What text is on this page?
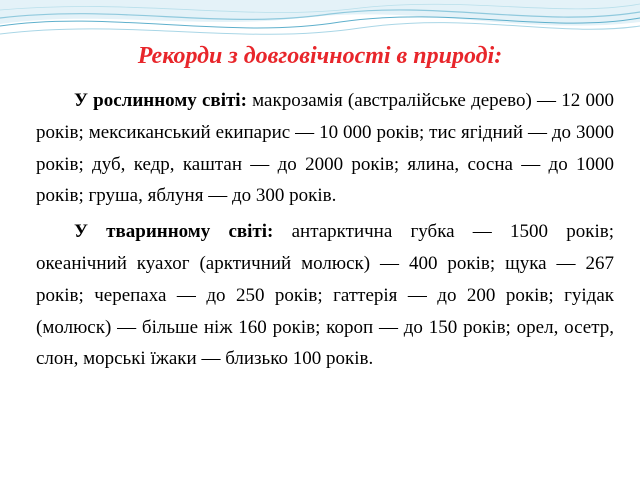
Рекорди з довговічності в природі:

У рослинному світі: макрозамія (австралійське дерево) — 12 000 років; мексиканський екипарис — 10 000 років; тис ягідний — до 3000 років; дуб, кедр, каштан — до 2000 років; ялина, сосна — до 1000 років; груша, яблуня — до 300 років.

У тваринному світі: антарктична губка — 1500 років; океанічний куахог (арктичний молюск) — 400 років; щука — 267 років; черепаха — до 250 років; гаттерія — до 200 років; гуідак (молюск) — більше ніж 160 років; короп — до 150 років; орел, осетр, слон, морські їжаки — близько 100 років.
